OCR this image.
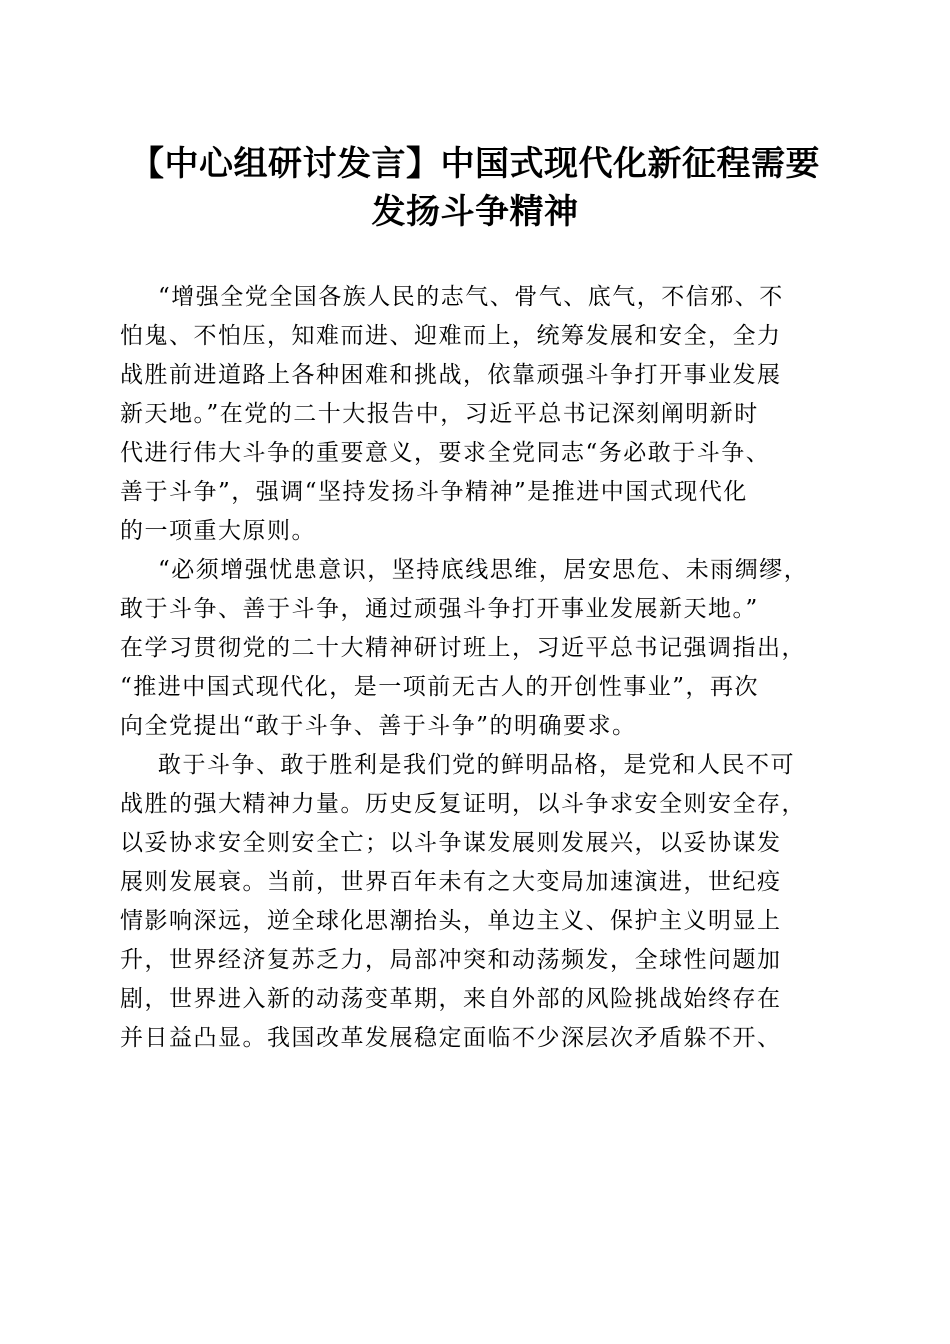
【中心组研讨发言】中国式现代化新征程需要
发扬斗争精神
“增强全党全国各族人民的志气、骨气、底气，不信邪、不
怕鬼、不怕压，知难而进、迎难而上，统筹发展和安全，全力
战胜前进道路上各种困难和挑战，依靠顽强斗争打开事业发展
新天地。”在党的二十大报告中，习近平总书记深刻阐明新时
代进行伟大斗争的重要意义，要求全党同志“务必敢于斗争、
善于斗争”，强调“坚持发扬斗争精神”是推进中国式现代化
的一项重大原则。
“必须增强忧患意识，坚持底线思维，居安思危、未雨绸缪，
敢于斗争、善于斗争，通过顽强斗争打开事业发展新天地。”
在学习贯彻党的二十大精神研讨班上，习近平总书记强调指出，
“推进中国式现代化，是一项前无古人的开创性事业”，再次
向全党提出“敢于斗争、善于斗争”的明确要求。
敢于斗争、敢于胜利是我们党的鲜明品格，是党和人民不可
战胜的强大精神力量。历史反复证明，以斗争求安全则安全存，
以妥协求安全则安全亡；以斗争谋发展则发展兴，以妥协谋发
展则发展衰。当前，世界百年未有之大变局加速演进，世纪疫
情影响深远，逆全球化思潮抬头，单边主义、保护主义明显上
升，世界经济复苏乏力，局部冲突和动荡频发，全球性问题加
剧，世界进入新的动荡变革期，来自外部的风险挑战始终存在
并日益凸显。我国改革发展稳定面临不少深层次矛盾躲不开、
